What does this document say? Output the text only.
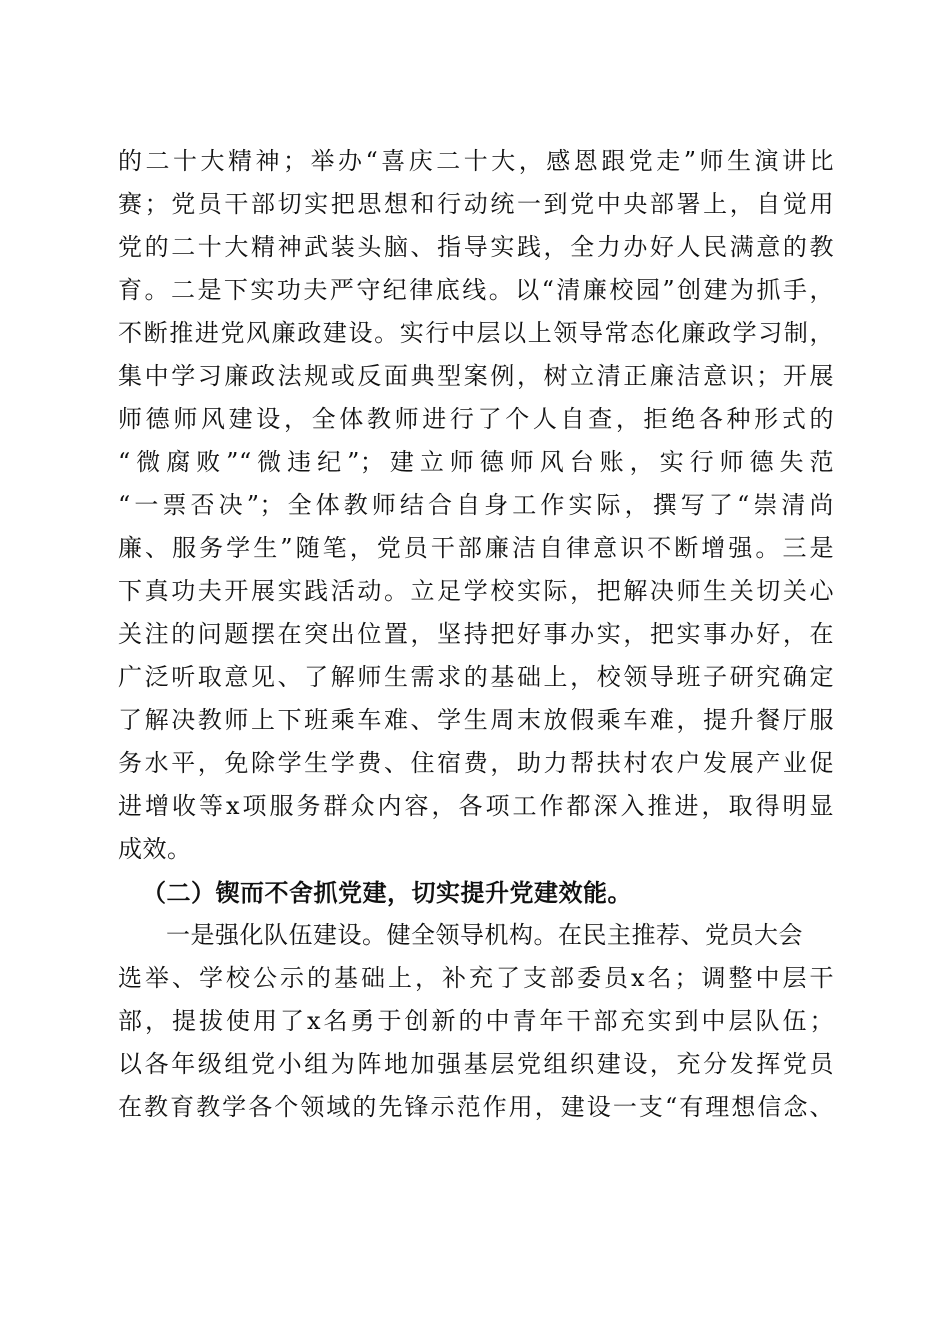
的二十大精神；举办“喜庆二十大，感恩跟党走”师生演讲比
赛；党员干部切实把思想和行动统一到党中央部署上，自觉用
党的二十大精神武装头脑、指导实践，全力办好人民满意的教
育。二是下实功夫严守纪律底线。以“清廉校园”创建为抓手，
不断推进党风廉政建设。实行中层以上领导常态化廉政学习制，
集中学习廉政法规或反面典型案例，树立清正廉洁意识；开展
师德师风建设，全体教师进行了个人自查，拒绝各种形式的
“微腐败”“微违纪”；建立师德师风台账，实行师德失范
“一票否决”；全体教师结合自身工作实际，撰写了“崇清尚
廉、服务学生”随笔，党员干部廉洁自律意识不断增强。三是
下真功夫开展实践活动。立足学校实际，把解决师生关切关心
关注的问题摆在突出位置，坚持把好事办实，把实事办好，在
广泛听取意见、了解师生需求的基础上，校领导班子研究确定
了解决教师上下班乘车难、学生周末放假乘车难，提升餐厅服
务水平，免除学生学费、住宿费，助力帮扶村农户发展产业促
进增收等x项服务群众内容，各项工作都深入推进，取得明显
成效。
（二）锲而不舍抓党建，切实提升党建效能。
一是强化队伍建设。健全领导机构。在民主推荐、党员大会
选举、学校公示的基础上，补充了支部委员x名；调整中层干
部，提拔使用了x名勇于创新的中青年干部充实到中层队伍；
以各年级组党小组为阵地加强基层党组织建设，充分发挥党员
在教育教学各个领域的先锋示范作用，建设一支“有理想信念、
